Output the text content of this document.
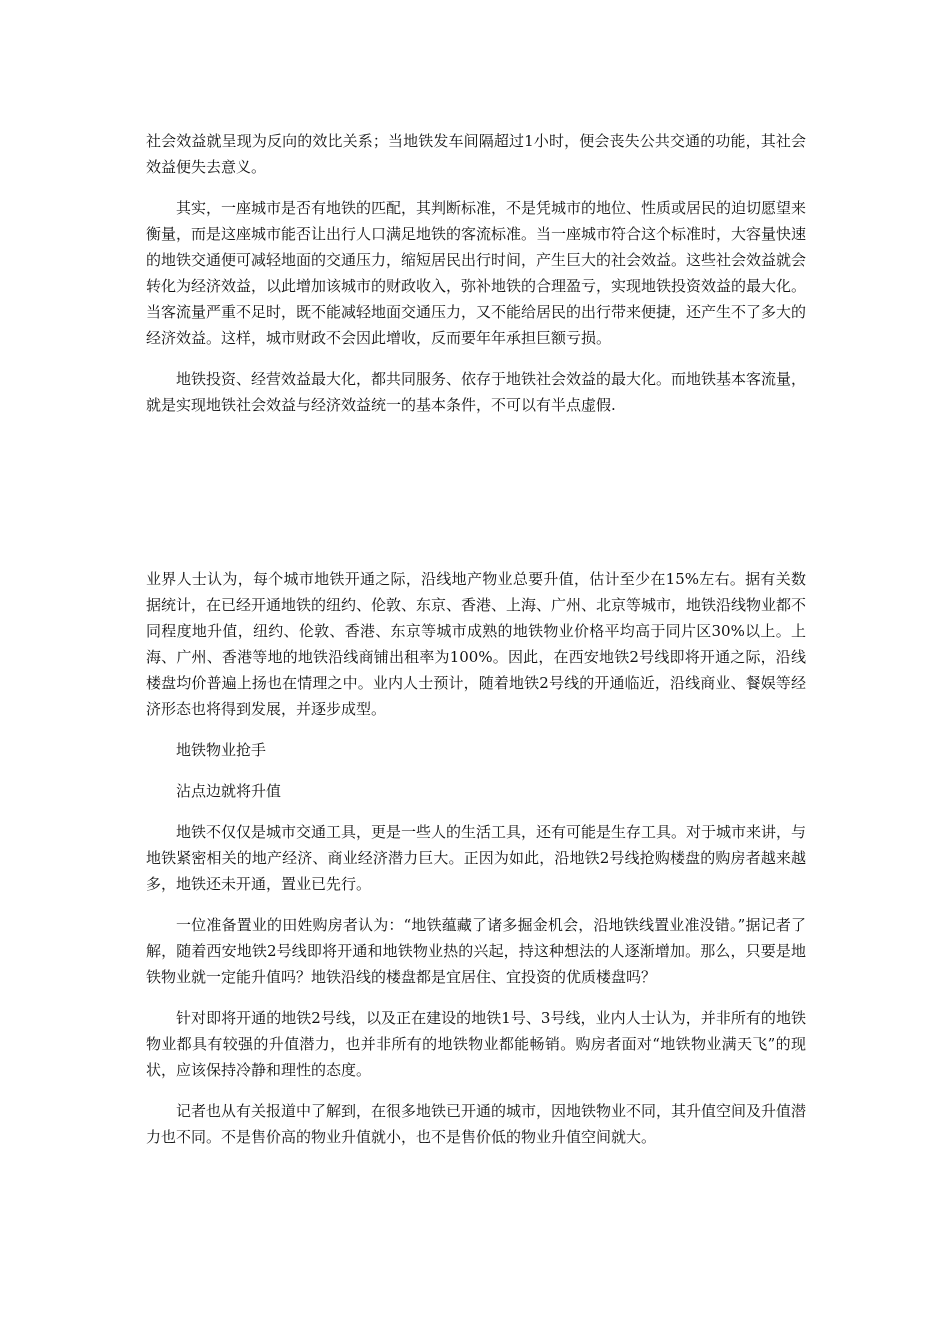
社会效益就呈现为反向的效比关系；当地铁发车间隔超过1小时，便会丧失公共交通的功能，其社会效益便失去意义。

其实，一座城市是否有地铁的匹配，其判断标准，不是凭城市的地位、性质或居民的迫切愿望来衡量，而是这座城市能否让出行人口满足地铁的客流标准。当一座城市符合这个标准时，大容量快速的地铁交通便可减轻地面的交通压力，缩短居民出行时间，产生巨大的社会效益。这些社会效益就会转化为经济效益，以此增加该城市的财政收入，弥补地铁的合理盈亏，实现地铁投资效益的最大化。当客流量严重不足时，既不能减轻地面交通压力，又不能给居民的出行带来便捷，还产生不了多大的经济效益。这样，城市财政不会因此增收，反而要年年承担巨额亏损。

地铁投资、经营效益最大化，都共同服务、依存于地铁社会效益的最大化。而地铁基本客流量，就是实现地铁社会效益与经济效益统一的基本条件，不可以有半点虚假.

业界人士认为，每个城市地铁开通之际，沿线地产物业总要升值，估计至少在15%左右。据有关数据统计，在已经开通地铁的纽约、伦敦、东京、香港、上海、广州、北京等城市，地铁沿线物业都不同程度地升值，纽约、伦敦、香港、东京等城市成熟的地铁物业价格平均高于同片区30%以上。上海、广州、香港等地的地铁沿线商铺出租率为100%。因此，在西安地铁2号线即将开通之际，沿线楼盘均价普遍上扬也在情理之中。业内人士预计，随着地铁2号线的开通临近，沿线商业、餐娱等经济形态也将得到发展，并逐步成型。

地铁物业抢手

沾点边就将升值

地铁不仅仅是城市交通工具，更是一些人的生活工具，还有可能是生存工具。对于城市来讲，与地铁紧密相关的地产经济、商业经济潜力巨大。正因为如此，沿地铁2号线抢购楼盘的购房者越来越多，地铁还未开通，置业已先行。

一位准备置业的田姓购房者认为：“地铁蕴藏了诸多掘金机会，沿地铁线置业准没错。”据记者了解，随着西安地铁2号线即将开通和地铁物业热的兴起，持这种想法的人逐渐增加。那么，只要是地铁物业就一定能升值吗？地铁沿线的楼盘都是宜居住、宜投资的优质楼盘吗？

针对即将开通的地铁2号线，以及正在建设的地铁1号、3号线，业内人士认为，并非所有的地铁物业都具有较强的升值潜力，也并非所有的地铁物业都能畅销。购房者面对“地铁物业满天飞”的现状，应该保持冷静和理性的态度。

记者也从有关报道中了解到，在很多地铁已开通的城市，因地铁物业不同，其升值空间及升值潜力也不同。不是售价高的物业升值就小，也不是售价低的物业升值空间就大。
